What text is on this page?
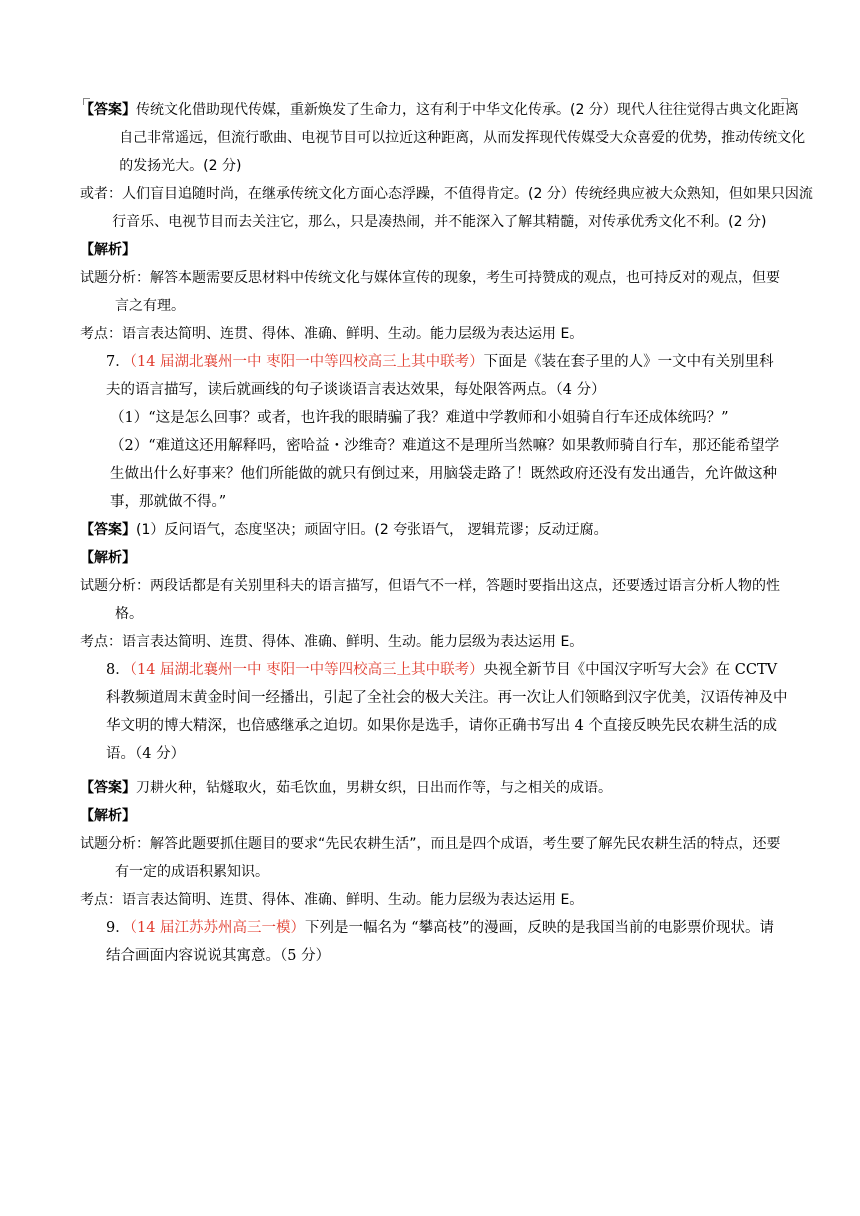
【答案】传统文化借助现代传媒，重新焕发了生命力，这有利于中华文化传承。(2 分）现代人往往觉得古典文化距离自己非常遥远，但流行歌曲、电视节目可以拉近这种距离，从而发挥现代传媒受大众喜爱的优势，推动传统文化的发扬光大。(2 分)
或者：人们盲目追随时尚，在继承传统文化方面心态浮躁，不值得肯定。(2 分）传统经典应被大众熟知，但如果只因流行音乐、电视节目而去关注它，那么，只是凑热闹，并不能深入了解其精髓，对传承优秀文化不利。(2 分)
【解析】
试题分析：解答本题需要反思材料中传统文化与媒体宣传的现象，考生可持赞成的观点，也可持反对的观点，但要言之有理。
考点：语言表达简明、连贯、得体、准确、鲜明、生动。能力层级为表达运用 E。
7．（14 届湖北襄州一中 枣阳一中等四校高三上其中联考）下面是《装在套子里的人》一文中有关别里科夫的语言描写，读后就画线的句子谈谈语言表达效果，每处限答两点。（4 分）
（1）“这是怎么回事？或者，也许我的眼睛骗了我？难道中学教师和小姐骑自行车还成体统吗？”
（2）“难道这还用解释吗，密哈益・沙维奇？难道这不是理所当然嘛？如果教师骑自行车，那还能希望学生做出什么好事来？他们所能做的就只有倒过来，用脑袋走路了！既然政府还没有发出通告，允许做这种事，那就做不得。”
【答案】(1）反问语气，态度坚决；顽固守旧。(2 夸张语气， 逻辑荒谬；反动迂腐。
【解析】
试题分析：两段话都是有关别里科夫的语言描写，但语气不一样，答题时要指出这点，还要透过语言分析人物的性格。
考点：语言表达简明、连贯、得体、准确、鲜明、生动。能力层级为表达运用 E。
8．（14 届湖北襄州一中 枣阳一中等四校高三上其中联考）央视全新节目《中国汉字听写大会》在 CCTV 科教频道周末黄金时间一经播出，引起了全社会的极大关注。再一次让人们领略到汉字优美，汉语传神及中华文明的博大精深，也倍感继承之迫切。如果你是选手，请你正确书写出 4 个直接反映先民农耕生活的成语。（4 分）
【答案】刀耕火种，钻燧取火，茹毛饮血，男耕女织，日出而作等，与之相关的成语。
【解析】
试题分析：解答此题要抓住题目的要求“先民农耕生活”，而且是四个成语，考生要了解先民农耕生活的特点，还要有一定的成语积累知识。
考点：语言表达简明、连贯、得体、准确、鲜明、生动。能力层级为表达运用 E。
9．（14 届江苏苏州高三一模）下列是一幅名为 “攀高枝”的漫画，反映的是我国当前的电影票价现状。请结合画面内容说说其寓意。（5 分）
